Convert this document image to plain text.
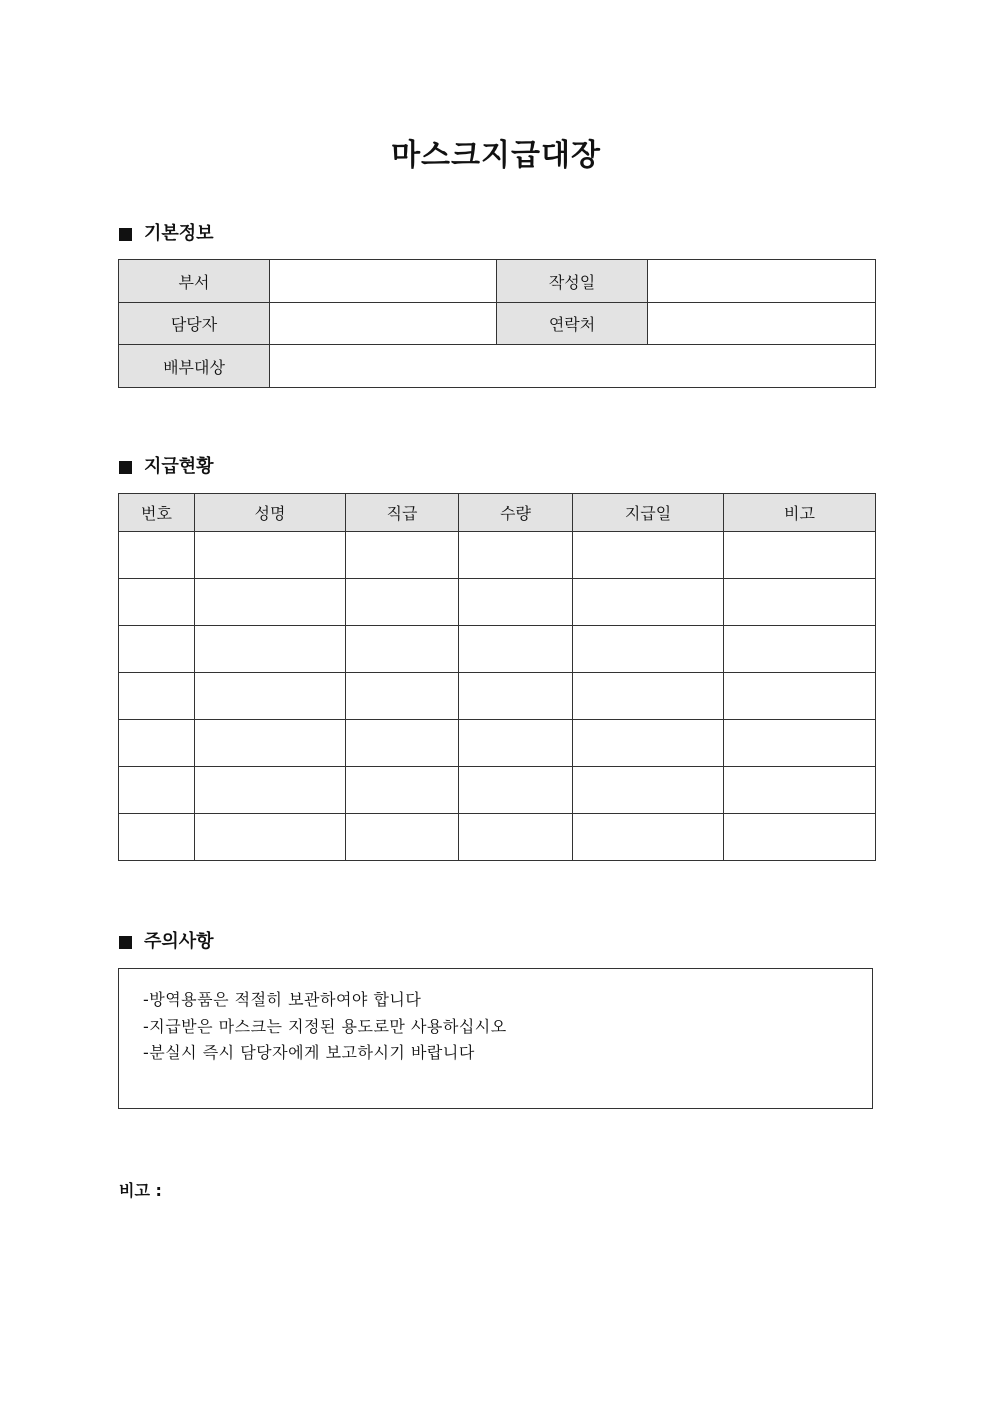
마스크지급대장
기본정보
부서		작성일	
담당자		연락처	
배부대상			
지급현황
번호	성명	직급	수량	지급일	비고

주의사항
-방역용품은 적절히 보관하여야 합니다
-지급받은 마스크는 지정된 용도로만 사용하십시오
-분실시 즉시 담당자에게 보고하시기 바랍니다
비고 :
